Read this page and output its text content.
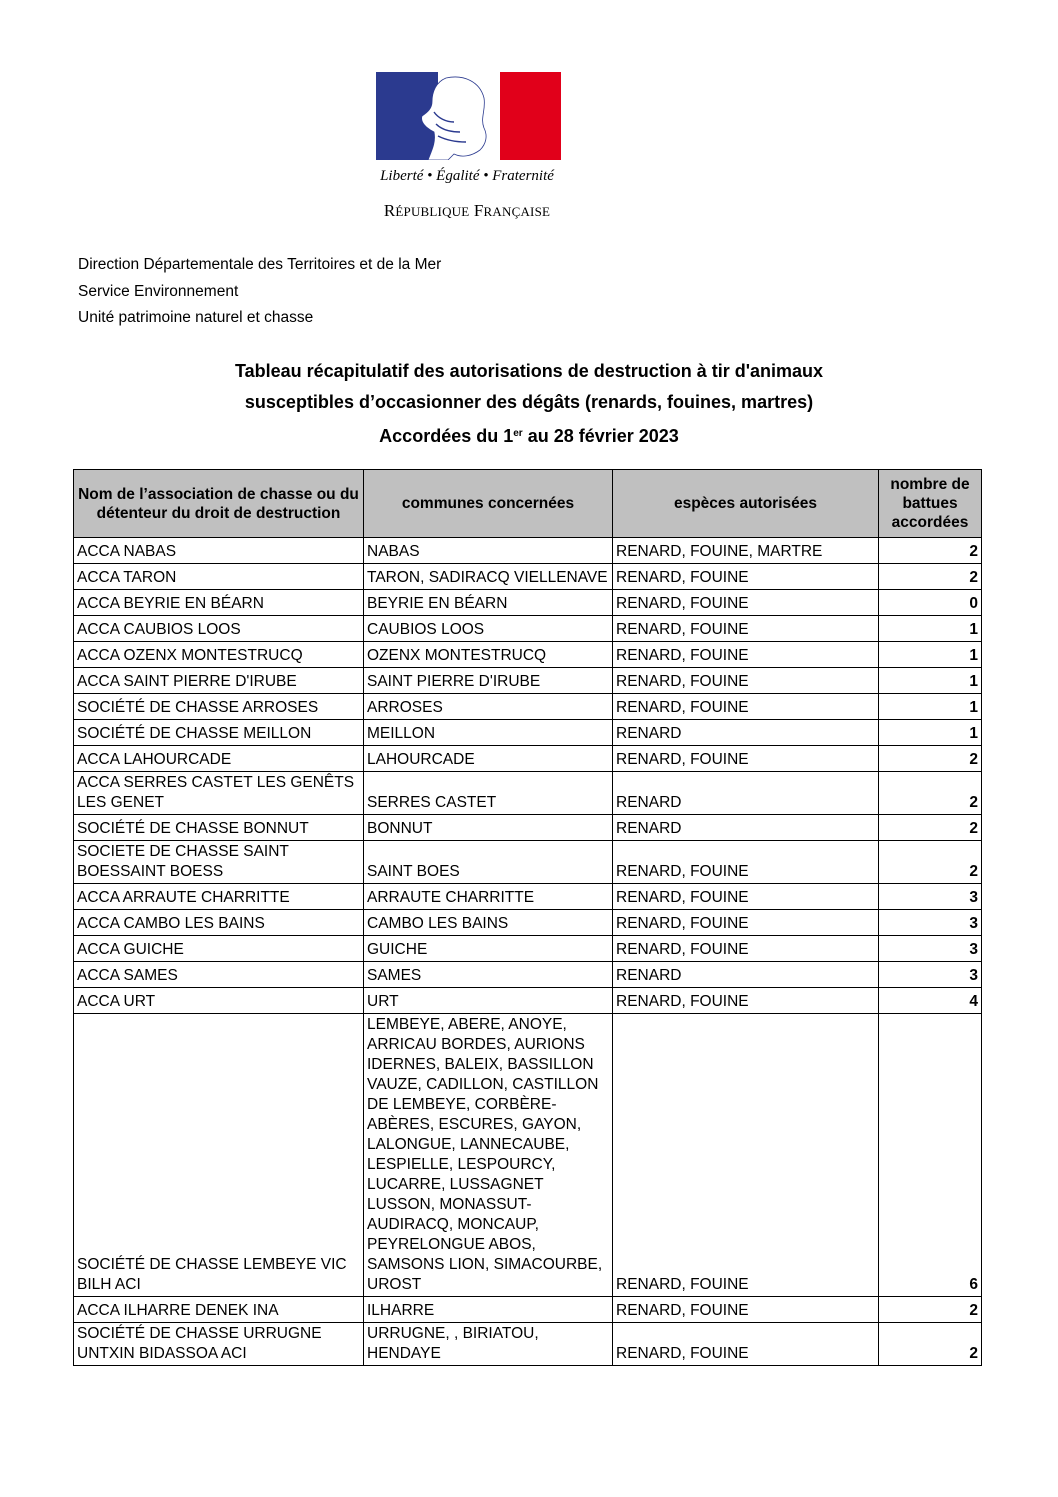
Liberté • Égalité • Fraternité
RÉPUBLIQUE FRANÇAISE
Direction Départementale des Territoires et de la Mer
Service Environnement
Unité patrimoine naturel et chasse
Tableau récapitulatif des autorisations de destruction à tir d'animaux
susceptibles d’occasionner des dégâts (renards, fouines, martres)
Accordées du 1er au 28 février 2023
Nom de l’association de chasse ou du détenteur du droit de destruction	communes concernées	espèces autorisées	nombre de battues accordées
ACCA NABAS	NABAS	RENARD, FOUINE, MARTRE	2
ACCA TARON	TARON, SADIRACQ VIELLENAVE	RENARD, FOUINE	2
ACCA BEYRIE EN BÉARN	BEYRIE EN BÉARN	RENARD, FOUINE	0
ACCA CAUBIOS LOOS	CAUBIOS LOOS	RENARD, FOUINE	1
ACCA OZENX MONTESTRUCQ	OZENX MONTESTRUCQ	RENARD, FOUINE	1
ACCA SAINT PIERRE D'IRUBE	SAINT PIERRE D'IRUBE	RENARD, FOUINE	1
SOCIÉTÉ DE CHASSE ARROSES	ARROSES	RENARD, FOUINE	1
SOCIÉTÉ DE CHASSE MEILLON	MEILLON	RENARD	1
ACCA LAHOURCADE	LAHOURCADE	RENARD, FOUINE	2
ACCA SERRES CASTET LES GENÊTS LES GENET	SERRES CASTET	RENARD	2
SOCIÉTÉ DE CHASSE BONNUT	BONNUT	RENARD	2
SOCIETE DE CHASSE SAINT BOESSAINT BOESS	SAINT BOES	RENARD, FOUINE	2
ACCA ARRAUTE CHARRITTE	ARRAUTE CHARRITTE	RENARD, FOUINE	3
ACCA CAMBO LES BAINS	CAMBO LES BAINS	RENARD, FOUINE	3
ACCA GUICHE	GUICHE	RENARD, FOUINE	3
ACCA SAMES	SAMES	RENARD	3
ACCA URT	URT	RENARD, FOUINE	4
SOCIÉTÉ DE CHASSE LEMBEYE VIC BILH ACI	LEMBEYE, ABERE, ANOYE, ARRICAU BORDES, AURIONS IDERNES, BALEIX, BASSILLON VAUZE, CADILLON, CASTILLON DE LEMBEYE, CORBÈRE-ABÈRES, ESCURES, GAYON, LALONGUE, LANNECAUBE, LESPIELLE, LESPOURCY, LUCARRE, LUSSAGNET LUSSON, MONASSUT- AUDIRACQ, MONCAUP, PEYRELONGUE ABOS, SAMSONS LION, SIMACOURBE, UROST	RENARD, FOUINE	6
ACCA ILHARRE DENEK INA	ILHARRE	RENARD, FOUINE	2
SOCIÉTÉ DE CHASSE URRUGNE UNTXIN BIDASSOA ACI	URRUGNE, , BIRIATOU, HENDAYE	RENARD, FOUINE	2
